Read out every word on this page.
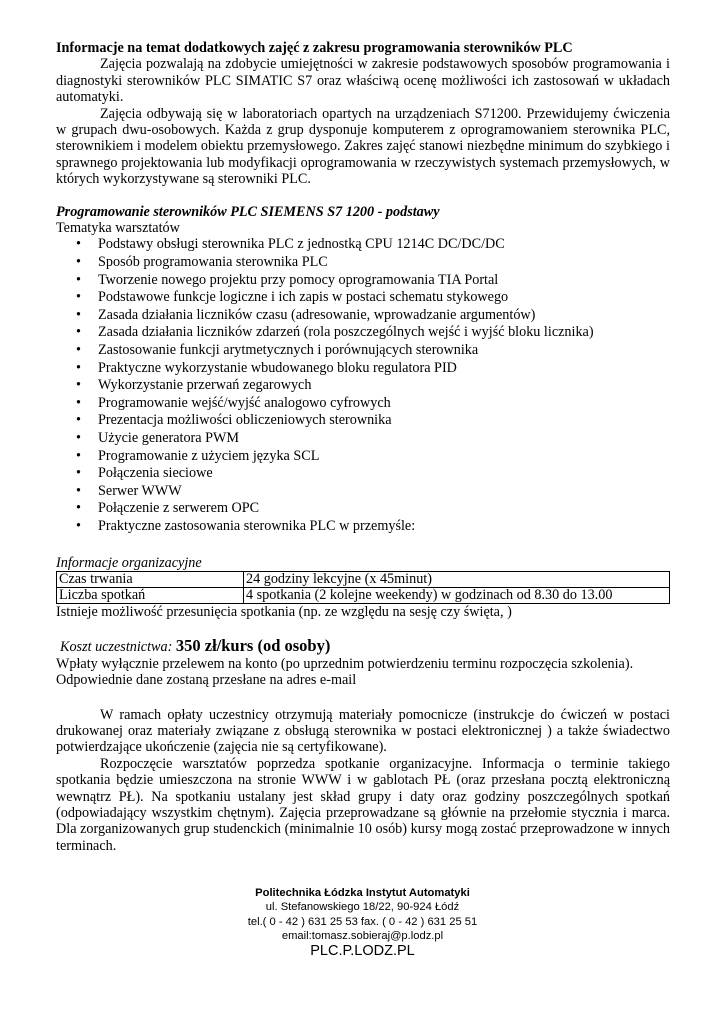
Informacje na temat dodatkowych zajęć z zakresu programowania sterowników PLC

Zajęcia pozwalają na zdobycie umiejętności w zakresie podstawowych sposobów programowania i diagnostyki sterowników PLC SIMATIC S7 oraz właściwą ocenę możliwości ich zastosowań w układach automatyki.

Zajęcia odbywają się w laboratoriach opartych na urządzeniach S71200. Przewidujemy ćwiczenia w grupach dwu-osobowych. Każda z grup dysponuje komputerem z oprogramowaniem sterownika PLC, sterownikiem i modelem obiektu przemysłowego. Zakres zajęć stanowi niezbędne minimum do szybkiego i sprawnego projektowania lub modyfikacji oprogramowania w rzeczywistych systemach przemysłowych, w których wykorzystywane są sterowniki PLC.

Programowanie sterowników PLC SIEMENS S7 1200 - podstawy
Tematyka warsztatów
• Podstawy obsługi sterownika PLC z jednostką CPU 1214C DC/DC/DC
• Sposób programowania sterownika PLC
• Tworzenie nowego projektu przy pomocy oprogramowania TIA Portal
• Podstawowe funkcje logiczne i ich zapis w postaci schematu stykowego
• Zasada działania liczników czasu (adresowanie, wprowadzanie argumentów)
• Zasada działania liczników zdarzeń (rola poszczególnych wejść i wyjść bloku licznika)
• Zastosowanie funkcji arytmetycznych i porównujących sterownika
• Praktyczne wykorzystanie wbudowanego bloku regulatora PID
• Wykorzystanie przerwań zegarowych
• Programowanie wejść/wyjść analogowo cyfrowych
• Prezentacja możliwości obliczeniowych sterownika
• Użycie generatora PWM
• Programowanie z użyciem języka SCL
• Połączenia sieciowe
• Serwer WWW
• Połączenie z serwerem OPC
• Praktyczne zastosowania sterownika PLC w przemyśle:
Informacje organizacyjne
Czas trwania	24 godziny lekcyjne (x 45minut)
Liczba spotkań	4 spotkania (2 kolejne weekendy) w godzinach od 8.30 do 13.00
Istnieje możliwość przesunięcia spotkania (np. ze względu na sesję czy święta, )
Koszt uczestnictwa: 350 zł/kurs (od osoby)
Wpłaty wyłącznie przelewem na konto (po uprzednim potwierdzeniu terminu rozpoczęcia szkolenia).
Odpowiednie dane zostaną przesłane na adres e-mail

W ramach opłaty uczestnicy otrzymują materiały pomocnicze (instrukcje do ćwiczeń w postaci drukowanej oraz materiały związane z obsługą sterownika w postaci elektronicznej ) a także świadectwo potwierdzające ukończenie (zajęcia nie są certyfikowane).

Rozpoczęcie warsztatów poprzedza spotkanie organizacyjne. Informacja o terminie takiego spotkania będzie umieszczona na stronie WWW i w gablotach PŁ (oraz przesłana pocztą elektroniczną wewnątrz PŁ). Na spotkaniu ustalany jest skład grupy i daty oraz godziny poszczególnych spotkań (odpowiadający wszystkim chętnym). Zajęcia przeprowadzane są głównie na przełomie stycznia i marca. Dla zorganizowanych grup studenckich (minimalnie 10 osób) kursy mogą zostać przeprowadzone w innych terminach.

Politechnika Łódzka Instytut Automatyki
ul. Stefanowskiego 18/22, 90-924 Łódź
tel.( 0 - 42 ) 631 25 53 fax. ( 0 - 42 ) 631 25 51
email:tomasz.sobieraj@p.lodz.pl
PLC.P.LODZ.PL
